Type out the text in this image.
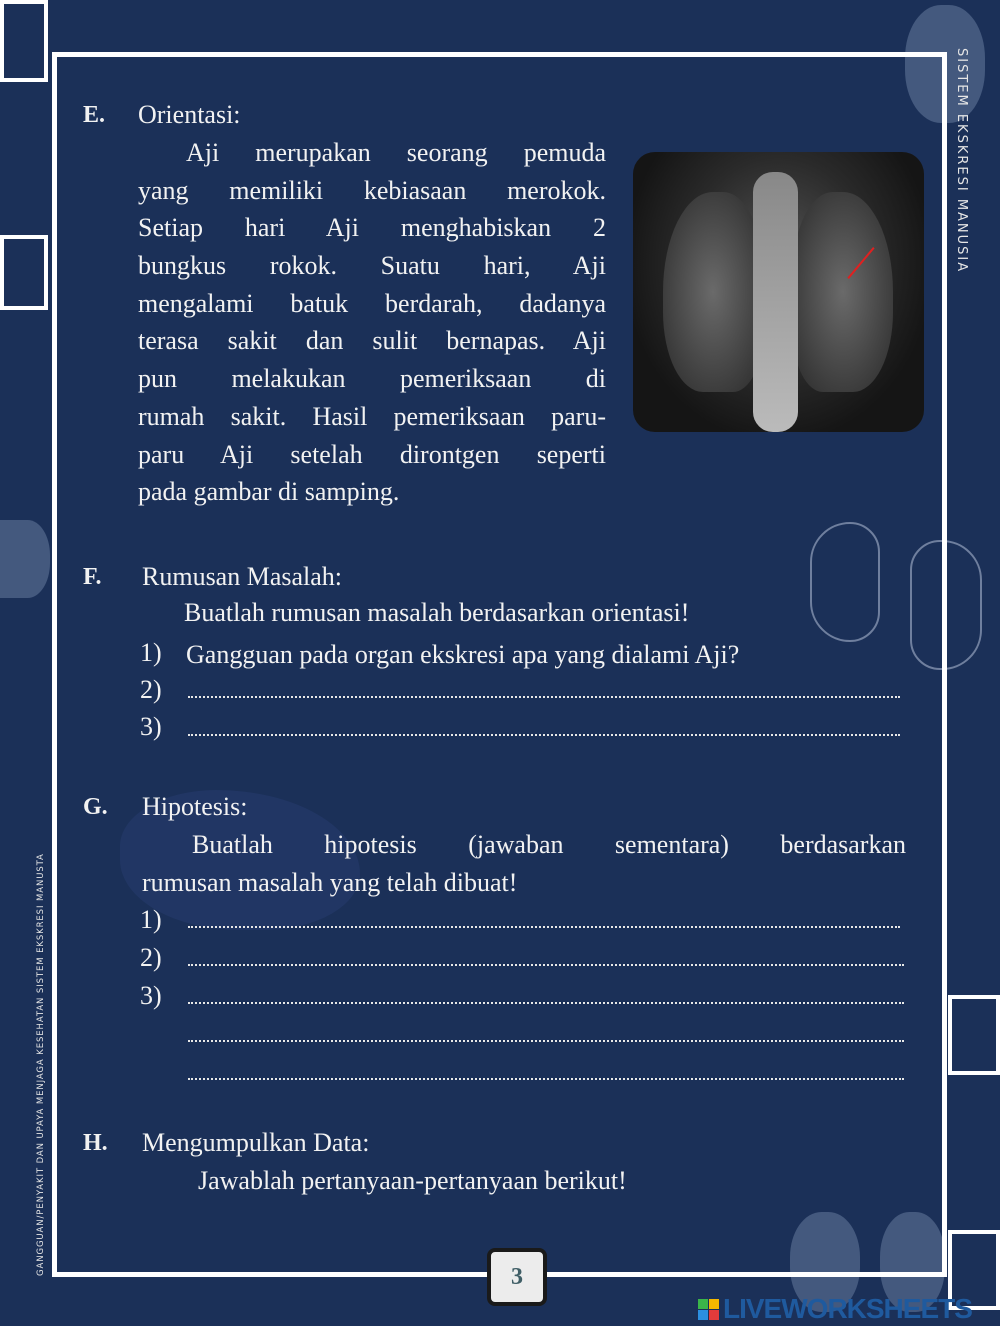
SISTEM EKSKRESI MANUSIA
GANGGUAN/PENYAKIT DAN UPAYA MENJAGA KESEHATAN SISTEM EKSKRESI MANUSTA
E. Orientasi:
Aji merupakan seorang pemuda
yang memiliki kebiasaan merokok.
Setiap hari Aji menghabiskan 2
bungkus rokok. Suatu hari, Aji
mengalami batuk berdarah, dadanya
terasa sakit dan sulit bernapas. Aji
pun melakukan pemeriksaan di
rumah sakit. Hasil pemeriksaan paru-
paru Aji setelah dirontgen seperti
pada gambar di samping.
F. Rumusan Masalah:
Buatlah rumusan masalah berdasarkan orientasi!
1) Gangguan pada organ ekskresi apa yang dialami Aji?
2)
3)
G. Hipotesis:
Buatlah hipotesis (jawaban sementara) berdasarkan
rumusan masalah yang telah dibuat!
1)
2)
3)
H. Mengumpulkan Data:
Jawablah pertanyaan-pertanyaan berikut!
3
LIVEWORKSHEETS
